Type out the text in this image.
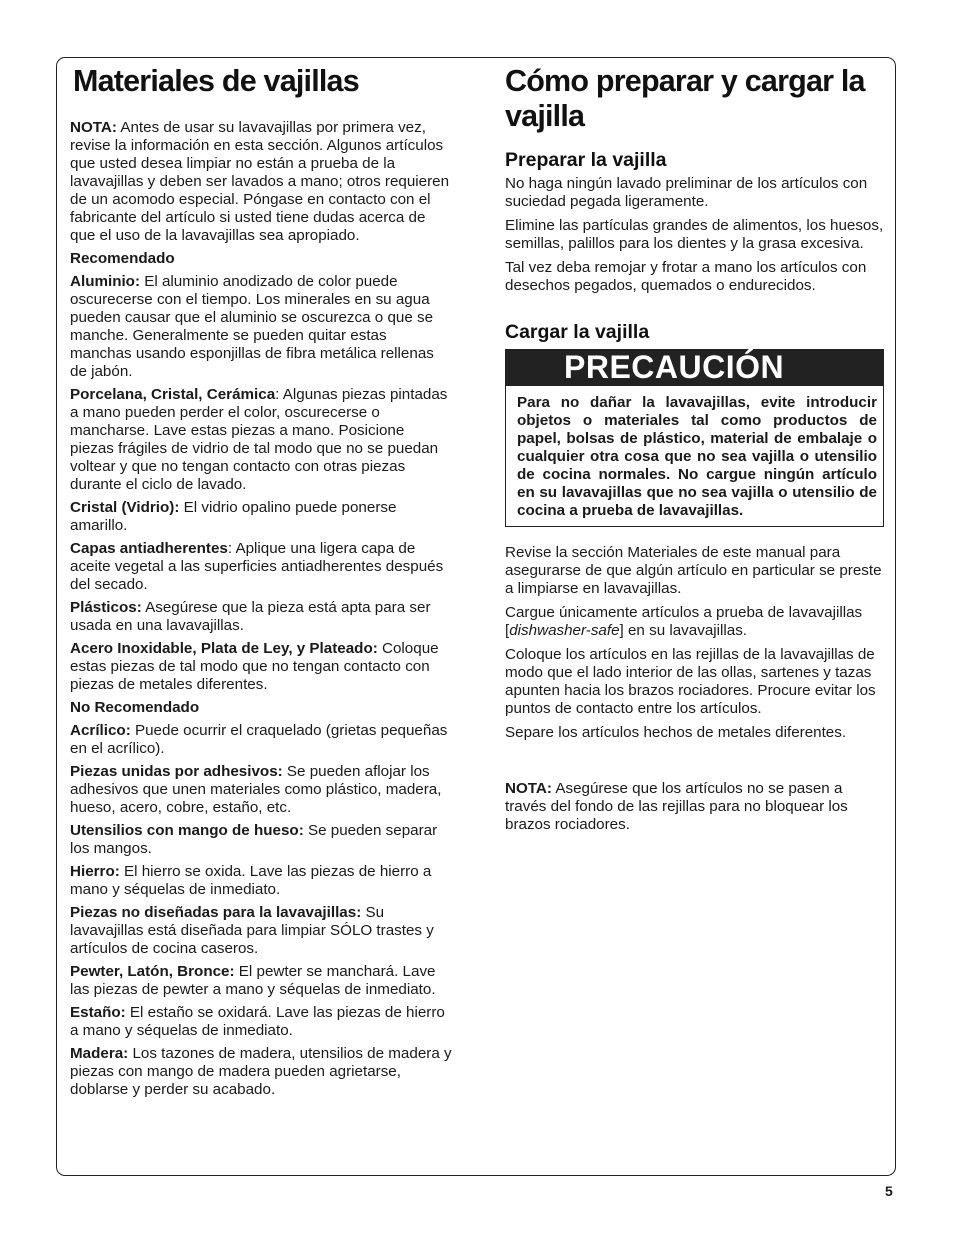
Materiales de vajillas

NOTA: Antes de usar su lavavajillas por primera vez, revise la información en esta sección. Algunos artículos que usted desea limpiar no están a prueba de la lavavajillas y deben ser lavados a mano; otros requieren de un acomodo especial. Póngase en contacto con el fabricante del artículo si usted tiene dudas acerca de que el uso de la lavavajillas sea apropiado.

Recomendado

Aluminio: El aluminio anodizado de color puede oscurecerse con el tiempo. Los minerales en su agua pueden causar que el aluminio se oscurezca o que se manche. Generalmente se pueden quitar estas manchas usando esponjillas de fibra metálica rellenas de jabón.

Porcelana, Cristal, Cerámica: Algunas piezas pintadas a mano pueden perder el color, oscurecerse o mancharse. Lave estas piezas a mano. Posicione piezas frágiles de vidrio de tal modo que no se puedan voltear y que no tengan contacto con otras piezas durante el ciclo de lavado.

Cristal (Vidrio): El vidrio opalino puede ponerse amarillo.

Capas antiadherentes: Aplique una ligera capa de aceite vegetal a las superficies antiadherentes después del secado.

Plásticos: Asegúrese que la pieza está apta para ser usada en una lavavajillas.

Acero Inoxidable, Plata de Ley, y Plateado: Coloque estas piezas de tal modo que no tengan contacto con piezas de metales diferentes.

No Recomendado

Acrílico: Puede ocurrir el craquelado (grietas pequeñas en el acrílico).

Piezas unidas por adhesivos: Se pueden aflojar los adhesivos que unen materiales como plástico, madera, hueso, acero, cobre, estaño, etc.

Utensilios con mango de hueso: Se pueden separar los mangos.

Hierro: El hierro se oxida. Lave las piezas de hierro a mano y séquelas de inmediato.

Piezas no diseñadas para la lavavajillas: Su lavavajillas está diseñada para limpiar SÓLO trastes y artículos de cocina caseros.

Pewter, Latón, Bronce: El pewter se manchará. Lave las piezas de pewter a mano y séquelas de inmediato.

Estaño: El estaño se oxidará. Lave las piezas de hierro a mano y séquelas de inmediato.

Madera: Los tazones de madera, utensilios de madera y piezas con mango de madera pueden agrietarse, doblarse y perder su acabado.

Cómo preparar y cargar la vajilla
Preparar la vajilla

No haga ningún lavado preliminar de los artículos con suciedad pegada ligeramente.

Elimine las partículas grandes de alimentos, los huesos, semillas, palillos para los dientes y la grasa excesiva.

Tal vez deba remojar y frotar a mano los artículos con desechos pegados, quemados o endurecidos.

Cargar la vajilla
PRECAUCIÓN
Para no dañar la lavavajillas, evite introducir objetos o materiales tal como productos de papel, bolsas de plástico, material de embalaje o cualquier otra cosa que no sea vajilla o utensilio de cocina normales. No cargue ningún artículo en su lavavajillas que no sea vajilla o utensilio de cocina a prueba de lavavajillas.

Revise la sección Materiales de este manual para asegurarse de que algún artículo en particular se preste a limpiarse en lavavajillas.

Cargue únicamente artículos a prueba de lavavajillas [dishwasher-safe] en su lavavajillas.

Coloque los artículos en las rejillas de la lavavajillas de modo que el lado interior de las ollas, sartenes y tazas apunten hacia los brazos rociadores. Procure evitar los puntos de contacto entre los artículos.

Separe los artículos hechos de metales diferentes.

NOTA: Asegúrese que los artículos no se pasen a través del fondo de las rejillas para no bloquear los brazos rociadores.

5
